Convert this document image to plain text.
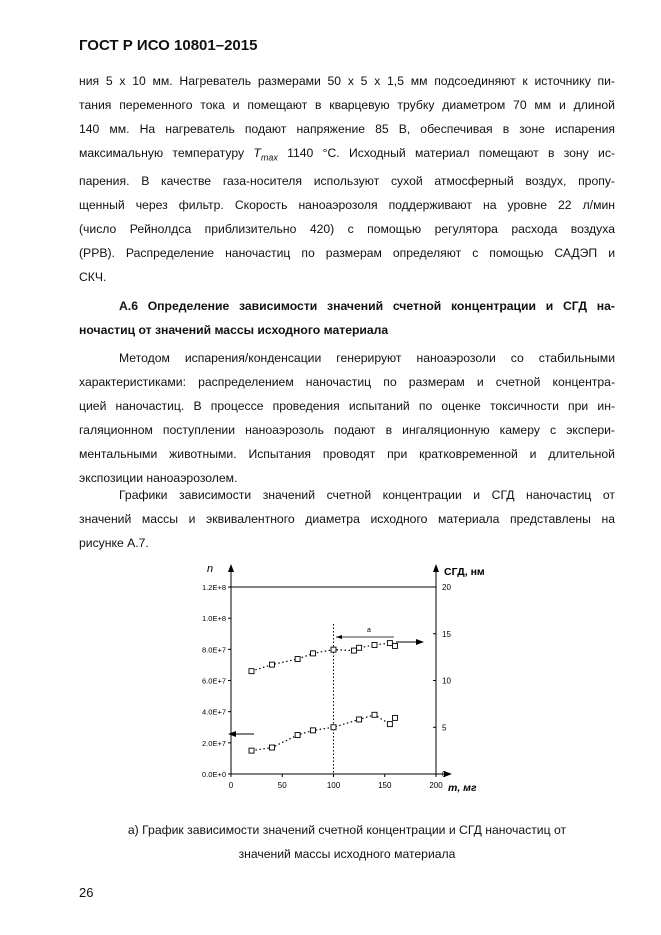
ГОСТ Р ИСО 10801–2015
ния 5 x 10 мм. Нагреватель размерами 50 x 5 x 1,5 мм подсоединяют к источнику пи-
тания переменного тока и помещают в кварцевую трубку диаметром 70 мм и длиной
140 мм. На нагреватель подают напряжение 85 В, обеспечивая в зоне испарения
максимальную температуру $T_{max}$ 1140 °C. Исходный материал помещают в зону ис-
парения. В качестве газа-носителя используют сухой атмосферный воздух, пропу-
щенный через фильтр. Скорость наноаэрозоля поддерживают на уровне 22 л/мин
(число Рейнолдса приблизительно 420) с помощью регулятора расхода воздуха
(РРВ). Распределение наночастиц по размерам определяют с помощью САДЭП и
СКЧ.
A.6 Определение зависимости значений счетной концентрации и СГД на-
ночастиц от значений массы исходного материала
Методом испарения/конденсации генерируют наноаэрозоли со стабильными
характеристиками: распределением наночастиц по размерам и счетной концентра-
цией наночастиц. В процессе проведения испытаний по оценке токсичности при ин-
галяционном поступлении наноаэрозоль подают в ингаляционную камеру с экспери-
ментальными животными. Испытания проводят при кратковременной и длительной
экспозиции наноаэрозолем.
Графики зависимости значений счетной концентрации и СГД наночастиц от
значений массы и эквивалентного диаметра исходного материала представлены на
рисунке А.7.
0.0E+0
2.0E+7
4.0E+7
6.0E+7
8.0E+7
1.0E+8
1.2E+8
0
5
10
15
20
0	50	100	150	200
n	СГД, нм
m, мг
a
а) График зависимости значений счетной концентрации и СГД наночастиц от
значений массы исходного материала
26
